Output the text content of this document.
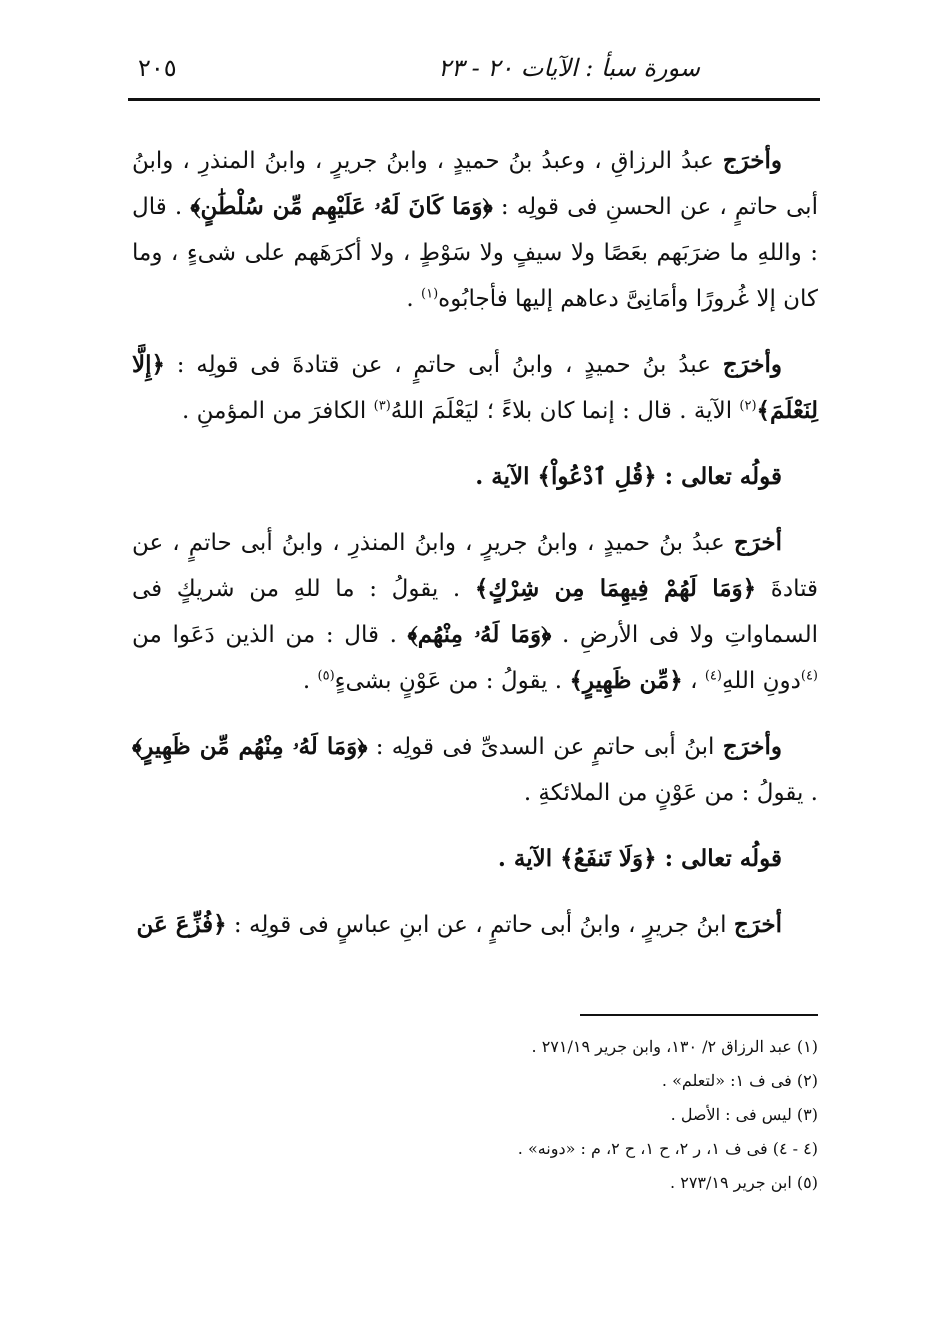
سورة سبأ : الآيات ٢٠ - ٢٣
٢٠٥

وأخرَج عبدُ الرزاقِ ، وعبدُ بنُ حميدٍ ، وابنُ جريرٍ ، وابنُ المنذرِ ، وابنُ أبى حاتمٍ ، عن الحسنِ فى قولِه : ﴿وَمَا كَانَ لَهُۥ عَلَيْهِم مِّن سُلْطَٰنٍ﴾ . قال : واللهِ ما ضرَبَهم بعَصًا ولا سيفٍ ولا سَوْطٍ ، ولا أكرَهَهم على شىءٍ ، وما كان إلا غُرورًا وأمَانِىَّ دعاهم إليها فأجابُوه$^{(١)}$ .

وأخرَج عبدُ بنُ حميدٍ ، وابنُ أبى حاتمٍ ، عن قتادةَ فى قولِه : ﴿إِلَّا لِنَعْلَمَ﴾$^{(٢)}$ الآية . قال : إنما كان بلاءً ؛ ليَعْلَمَ اللهُ$^{(٣)}$ الكافرَ من المؤمنِ .

قولُه تعالى : ﴿قُلِ ٱدْعُواْ﴾ الآية .

أخرَج عبدُ بنُ حميدٍ ، وابنُ جريرٍ ، وابنُ المنذرِ ، وابنُ أبى حاتمٍ ، عن قتادةَ ﴿وَمَا لَهُمْ فِيهِمَا مِن شِرْكٍ﴾ . يقولُ : ما للهِ من شريكٍ فى السماواتِ ولا فى الأرضِ . ﴿وَمَا لَهُۥ مِنْهُم﴾ . قال : من الذين دَعَوا من $^{(٤)}$دونِ اللهِ$^{(٤)}$ ، ﴿مِّن ظَهِيرٍ﴾ . يقولُ : من عَوْنٍ بشىءٍ$^{(٥)}$ .

وأخرَج ابنُ أبى حاتمٍ عن السدىِّ فى قولِه : ﴿وَمَا لَهُۥ مِنْهُم مِّن ظَهِيرٍ﴾ . يقولُ : من عَوْنٍ من الملائكةِ .

قولُه تعالى : ﴿وَلَا تَنفَعُ﴾ الآية .

أخرَج ابنُ جريرٍ ، وابنُ أبى حاتمٍ ، عن ابنِ عباسٍ فى قولِه : ﴿فُزِّعَ عَن

(١) عبد الرزاق ٢/ ١٣٠، وابن جرير ٢٧١/١٩ .
(٢) فى ف ١: «لتعلم» .
(٣) ليس فى : الأصل .
(٤ - ٤) فى ف ١، ر ٢، ح ١، ح ٢، م : «دونه» .
(٥) ابن جرير ٢٧٣/١٩ .
